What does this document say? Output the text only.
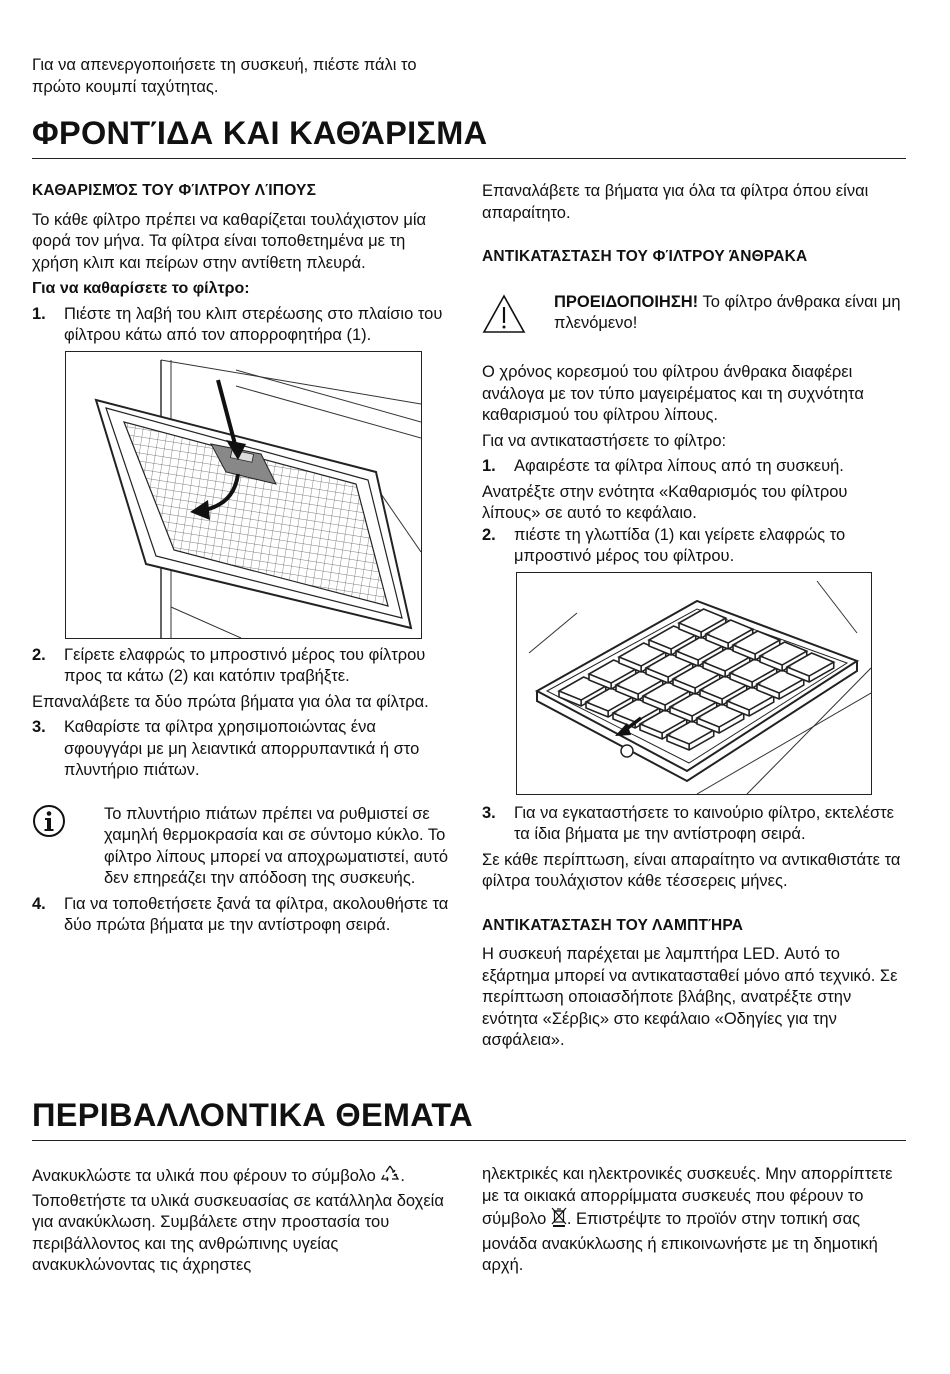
Για να απενεργοποιήσετε τη συσκευή, πιέστε πάλι το πρώτο κουμπί ταχύτητας.

ΦΡΟΝΤΊΔΑ ΚΑΙ ΚΑΘΆΡΙΣΜΑ
ΚΑΘΑΡΙΣΜΌΣ ΤΟΥ ΦΊΛΤΡΟΥ ΛΊΠΟΥΣ

Το κάθε φίλτρο πρέπει να καθαρίζεται τουλάχιστον μία φορά τον μήνα. Τα φίλτρα είναι τοποθετημένα με τη χρήση κλιπ και πείρων στην αντίθετη πλευρά.

Για να καθαρίσετε το φίλτρο:

1.	Πιέστε τη λαβή του κλιπ στερέωσης στο πλαίσιο του φίλτρου κάτω από τον απορροφητήρα (1).
2.	Γείρετε ελαφρώς το μπροστινό μέρος του φίλτρου προς τα κάτω (2) και κατόπιν τραβήξτε.

Επαναλάβετε τα δύο πρώτα βήματα για όλα τα φίλτρα.

3.	Καθαρίστε τα φίλτρα χρησιμοποιώντας ένα σφουγγάρι με μη λειαντικά απορρυπαντικά ή στο πλυντήριο πιάτων.
Το πλυντήριο πιάτων πρέπει να ρυθμιστεί σε χαμηλή θερμοκρασία και σε σύντομο κύκλο. Το φίλτρο λίπους μπορεί να αποχρωματιστεί, αυτό δεν επηρεάζει την απόδοση της συσκευής.
4.	Για να τοποθετήσετε ξανά τα φίλτρα, ακολουθήστε τα δύο πρώτα βήματα με την αντίστροφη σειρά.

Επαναλάβετε τα βήματα για όλα τα φίλτρα όπου είναι απαραίτητο.

ΑΝΤΙΚΑΤΆΣΤΑΣΗ ΤΟΥ ΦΊΛΤΡΟΥ ΆΝΘΡΑΚΑ
ΠΡΟΕΙΔΟΠΟΙΗΣΗ! Το φίλτρο άνθρακα είναι μη πλενόμενο!

Ο χρόνος κορεσμού του φίλτρου άνθρακα διαφέρει ανάλογα με τον τύπο μαγειρέματος και τη συχνότητα καθαρισμού του φίλτρου λίπους.

Για να αντικαταστήσετε το φίλτρο:

1.	Αφαιρέστε τα φίλτρα λίπους από τη συσκευή.

Ανατρέξτε στην ενότητα «Καθαρισμός του φίλτρου λίπους» σε αυτό το κεφάλαιο.

2.	πιέστε τη γλωττίδα (1) και γείρετε ελαφρώς το μπροστινό μέρος του φίλτρου.
3.	Για να εγκαταστήσετε το καινούριο φίλτρο, εκτελέστε τα ίδια βήματα με την αντίστροφη σειρά.

Σε κάθε περίπτωση, είναι απαραίτητο να αντικαθιστάτε τα φίλτρα τουλάχιστον κάθε τέσσερεις μήνες.

ΑΝΤΙΚΑΤΆΣΤΑΣΗ ΤΟΥ ΛΑΜΠΤΉΡΑ

Η συσκευή παρέχεται με λαμπτήρα LED. Αυτό το εξάρτημα μπορεί να αντικατασταθεί μόνο από τεχνικό. Σε περίπτωση οποιασδήποτε βλάβης, ανατρέξτε στην ενότητα «Σέρβις» στο κεφάλαιο «Οδηγίες για την ασφάλεια».

ΠΕΡΙΒΑΛΛΟΝΤΙΚΑ ΘΕΜΑΤΑ

Ανακυκλώστε τα υλικά που φέρουν το σύμβολο . Τοποθετήστε τα υλικά συσκευασίας σε κατάλληλα δοχεία για ανακύκλωση. Συμβάλετε στην προστασία του περιβάλλοντος και της ανθρώπινης υγείας ανακυκλώνοντας τις άχρηστες

ηλεκτρικές και ηλεκτρονικές συσκευές. Μην απορρίπτετε με τα οικιακά απορρίμματα συσκευές που φέρουν το σύμβολο . Επιστρέψτε το προϊόν στην τοπική σας μονάδα ανακύκλωσης ή επικοινωνήστε με τη δημοτική αρχή.
